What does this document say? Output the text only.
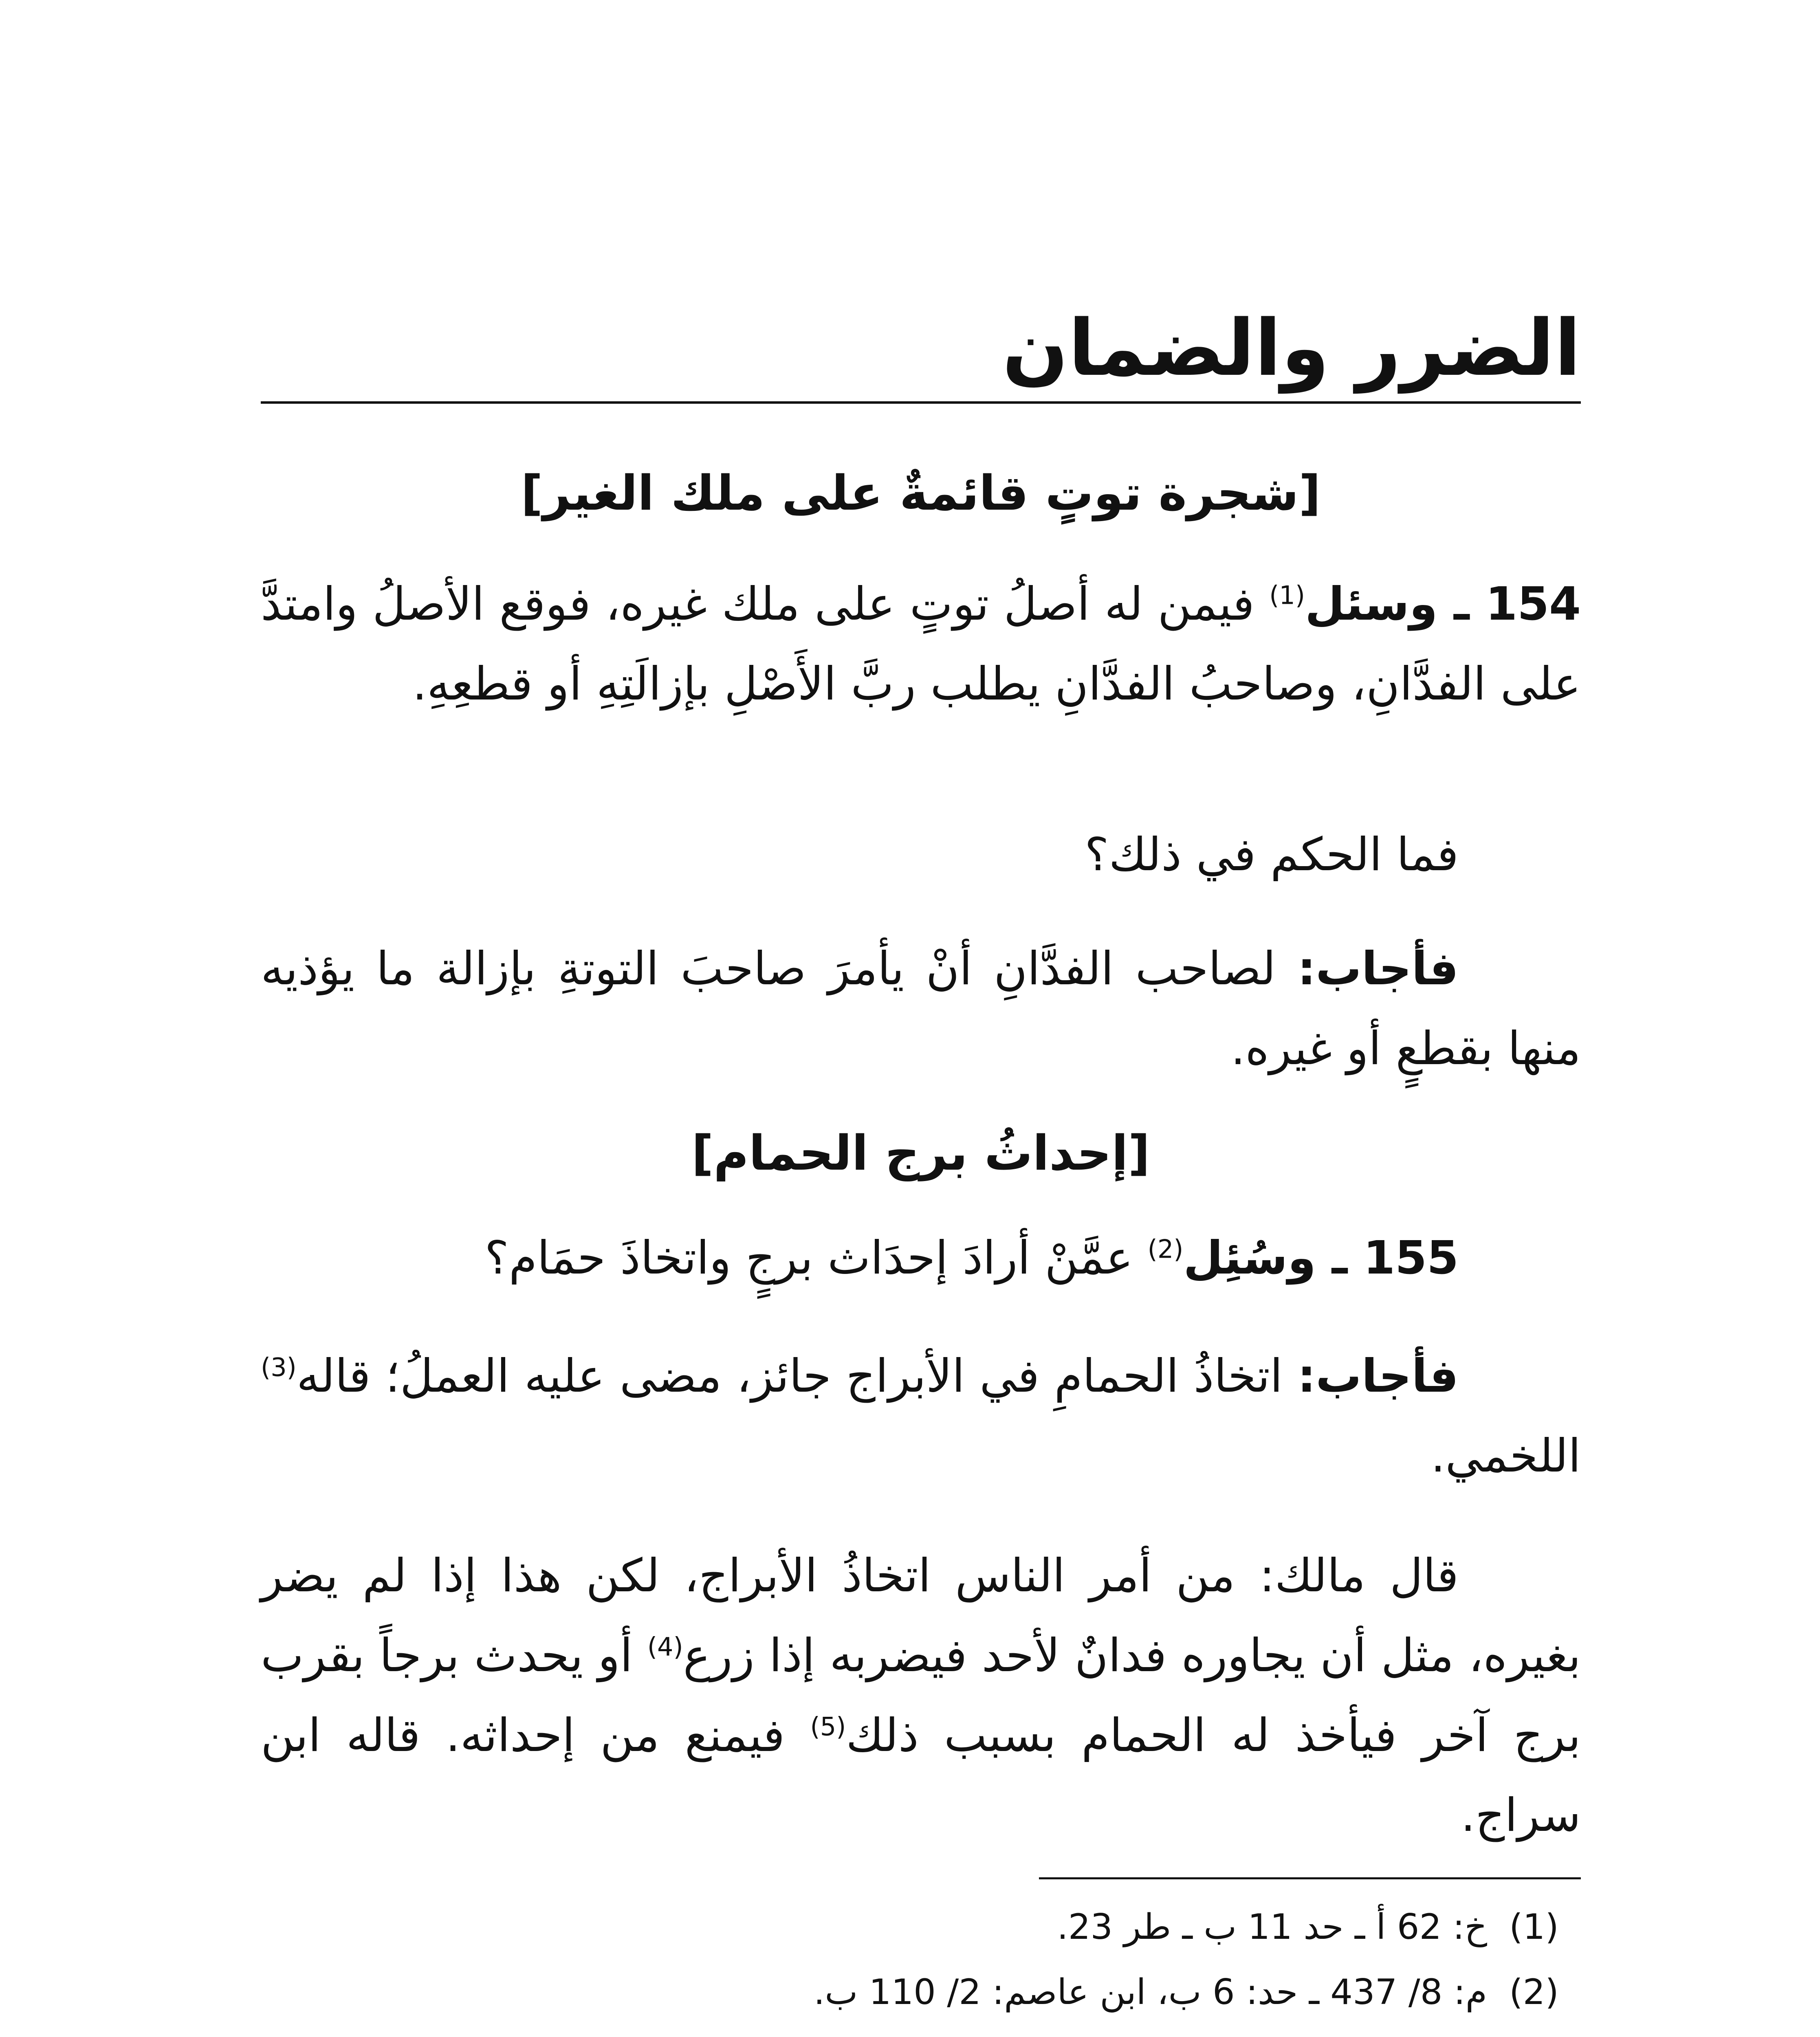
الضرر والضمان
[شجرة توتٍ قائمةٌ على ملك الغير]

154 ـ وسئل$^{(1)}$ فيمن له أصلُ توتٍ على ملك غيره، فوقع الأصلُ وامتدَّ على الفدَّانِ، وصاحبُ الفدَّانِ يطلب ربَّ الأَصْلِ بإزالَتِهِ أو قطعِهِ.

فما الحكم في ذلك؟

فأجاب: لصاحب الفدَّانِ أنْ يأمرَ صاحبَ التوتةِ بإزالة ما يؤذيه منها بقطعٍ أو غيره.

[إحداثُ برج الحمام]

155 ـ وسُئِل$^{(2)}$ عمَّنْ أرادَ إحدَاث برجٍ واتخاذَ حمَام؟

فأجاب: اتخاذُ الحمامِ في الأبراج جائز، مضى عليه العملُ؛ قاله$^{(3)}$ اللخمي.

قال مالك: من أمر الناس اتخاذُ الأبراج، لكن هذا إذا لم يضر بغيره، مثل أن يجاوره فدانٌ لأحد فيضربه إذا زرع$^{(4)}$ أو يحدث برجاً بقرب برج آخر فيأخذ له الحمام بسبب ذلك$^{(5)}$ فيمنع من إحداثه. قاله ابن سراج.

(1)خ: 62 أ ـ حد 11 ب ـ طر 23.
(2)م: 8/ 437 ـ حد: 6 ب، ابن عاصم: 2/ 110 ب.
